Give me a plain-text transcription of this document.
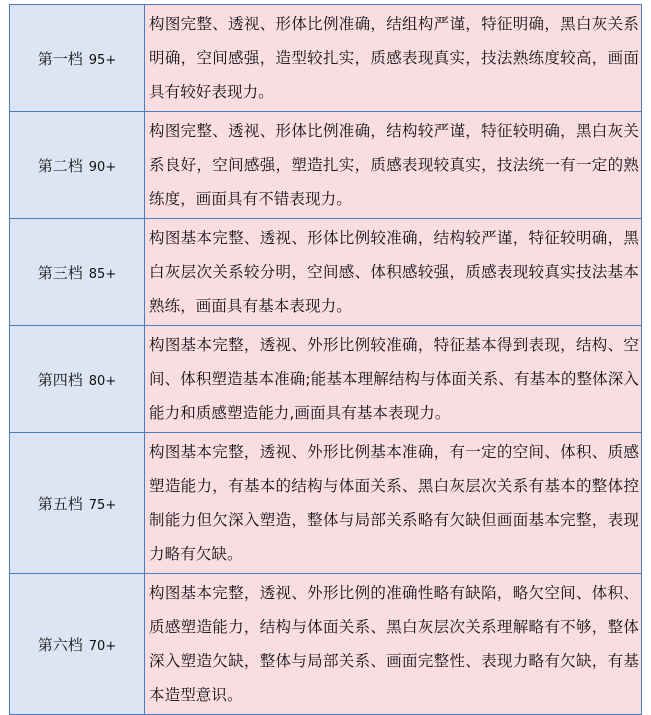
第一档 95+	构图完整、透视、形体比例准确，结组构严谨，特征明确，黑白灰关系明确，空间感强，造型较扎实，质感表现真实，技法熟练度较高，画面具有较好表现力。
第二档 90+	构图完整、透视、形体比例准确，结构较严谨，特征较明确，黑白灰关系良好，空间感强，塑造扎实，质感表现较真实，技法统一有一定的熟练度，画面具有不错表现力。
第三档 85+	构图基本完整、透视、形体比例较准确，结构较严谨，特征较明确，黑白灰层次关系较分明，空间感、体积感较强，质感表现较真实技法基本熟练，画面具有基本表现力。
第四档 80+	构图基本完整，透视、外形比例较准确，特征基本得到表现，结构、空间、体积塑造基本准确;能基本理解结构与体面关系、有基本的整体深入能力和质感塑造能力,画面具有基本表现力。
第五档 75+	构图基本完整，透视、外形比例基本准确，有一定的空间、体积、质感塑造能力，有基本的结构与体面关系、黑白灰层次关系有基本的整体控制能力但欠深入塑造，整体与局部关系略有欠缺但画面基本完整，表现力略有欠缺。
第六档 70+	构图基本完整，透视、外形比例的准确性略有缺陷，略欠空间、体积、质感塑造能力，结构与体面关系、黑白灰层次关系理解略有不够，整体深入塑造欠缺，整体与局部关系、画面完整性、表现力略有欠缺，有基本造型意识。
